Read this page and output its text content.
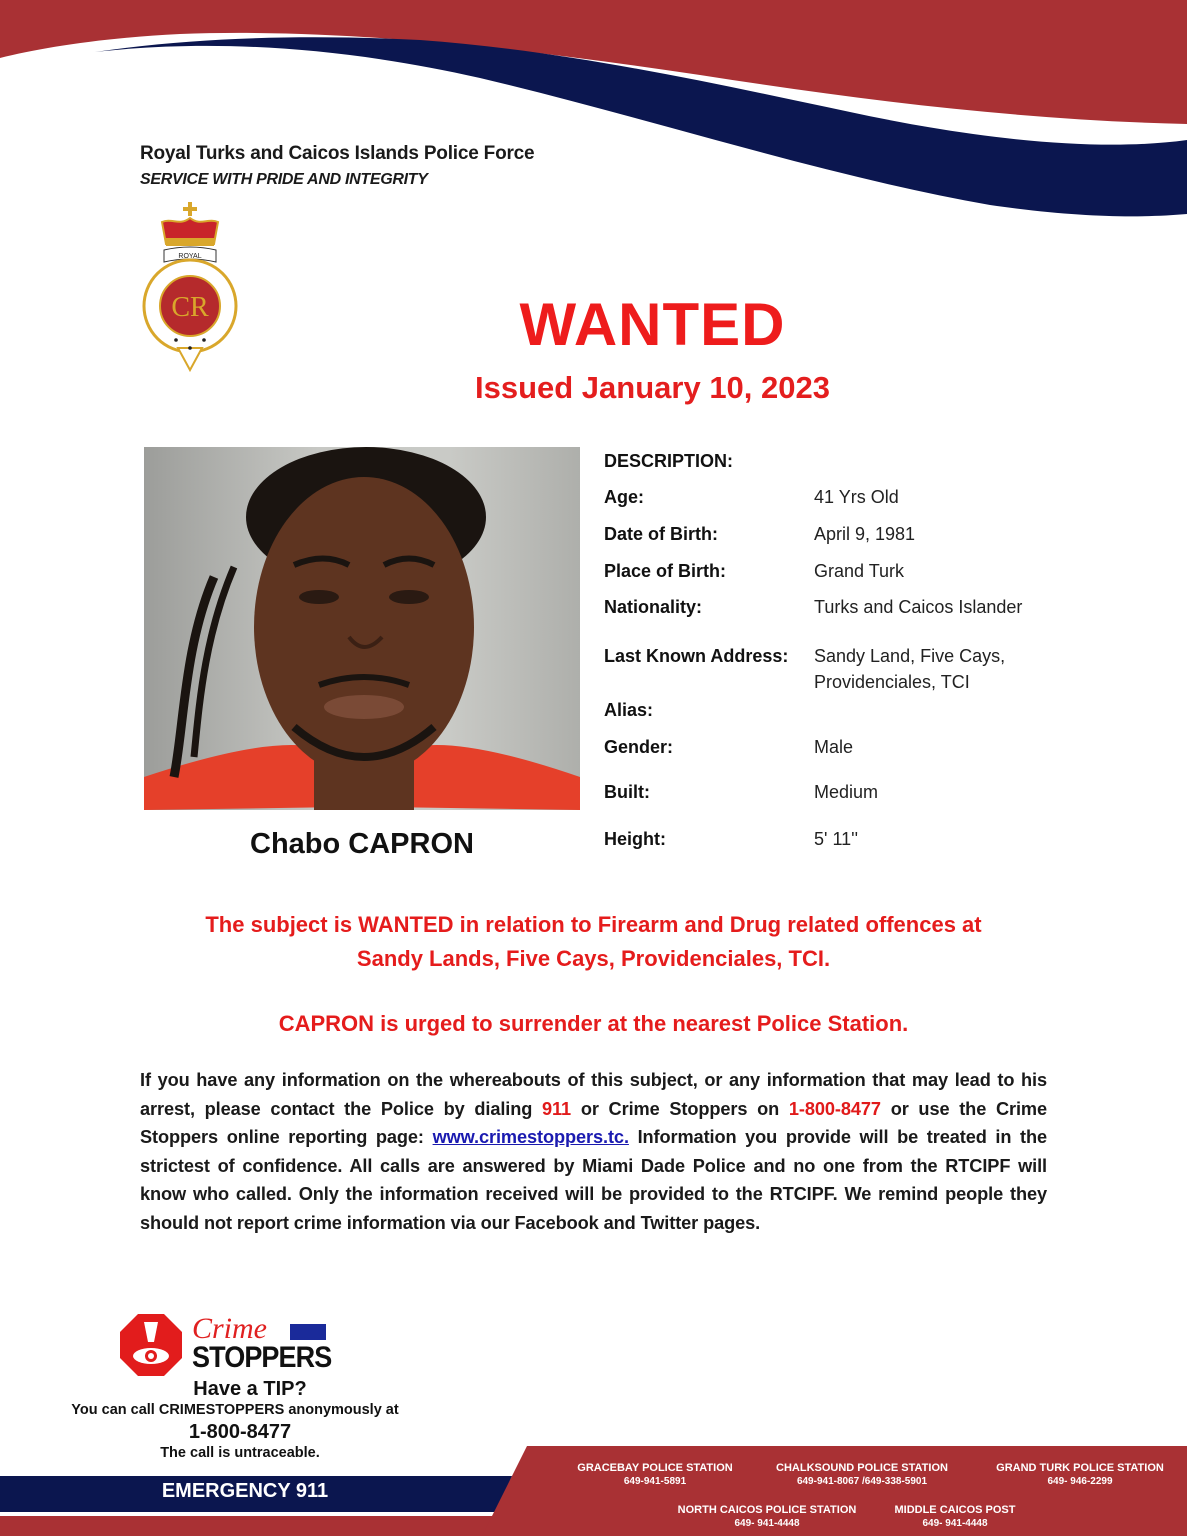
Royal Turks and Caicos Islands Police Force
SERVICE WITH PRIDE AND INTEGRITY
ROYAL
CR	WANTED
Issued January 10, 2023
Chabo CAPRON
DESCRIPTION:
Age:	41 Yrs Old
Date of Birth:	April 9, 1981
Place of Birth:	Grand Turk
Nationality:	Turks and Caicos Islander
Last Known Address:	Sandy Land, Five Cays,
Providenciales, TCI
Alias:
Gender:	Male
Built:	Medium
Height:	5' 11''
The subject is WANTED in relation to Firearm and Drug related offences at
Sandy Lands, Five Cays, Providenciales, TCI.
CAPRON is urged to surrender at the nearest Police Station.
If you have any information on the whereabouts of this subject, or any information that may lead to his arrest, please contact the Police by dialing 911 or Crime Stoppers on 1-800-8477 or use the Crime Stoppers online reporting page: www.crimestoppers.tc. Information you provide will be treated in the strictest of confidence. All calls are answered by Miami Dade Police and no one from the RTCIPF will know who called. Only the information received will be provided to the RTCIPF. We remind people they should not report crime information via our Facebook and Twitter pages.
Crime
STOPPERS
Have a TIP?
You can call CRIMESTOPPERS anonymously at
1-800-8477
The call is untraceable.
EMERGENCY 911
GRACEBAY POLICE STATION
649-941-5891
CHALKSOUND POLICE STATION
649-941-8067 /649-338-5901
GRAND TURK POLICE STATION
649- 946-2299
NORTH CAICOS POLICE STATION
649- 941-4448
MIDDLE CAICOS POST
649- 941-4448
